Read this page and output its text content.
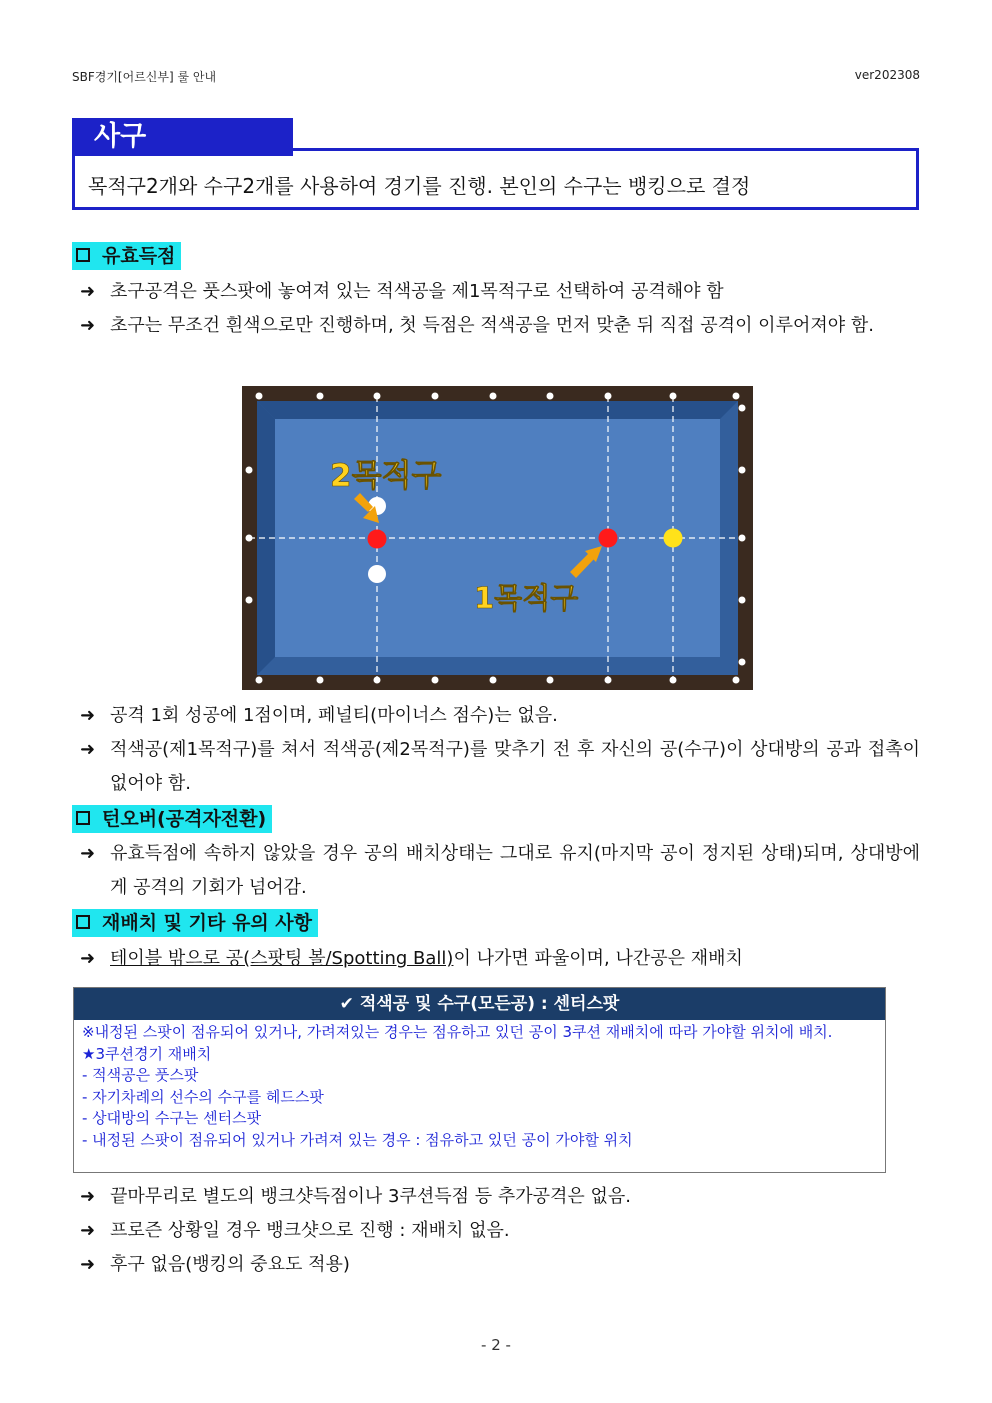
SBF경기[어르신부] 룰 안내	ver202308
사구
목적구2개와 수구2개를 사용하여 경기를 진행. 본인의 수구는 뱅킹으로 결정
유효득점
➜ 초구공격은 풋스팟에 놓여져 있는 적색공을 제1목적구로 선택하여 공격해야 함
➜ 초구는 무조건 흰색으로만 진행하며, 첫 득점은 적색공을 먼저 맞춘 뒤 직접 공격이 이루어져야 함.
2목적구
1목적구
➜ 공격 1회 성공에 1점이며, 페널티(마이너스 점수)는 없음.
➜ 적색공(제1목적구)를 쳐서 적색공(제2목적구)를 맞추기 전 후 자신의 공(수구)이 상대방의 공과 접촉이 없어야 함.
턴오버(공격자전환)
➜ 유효득점에 속하지 않았을 경우 공의 배치상태는 그대로 유지(마지막 공이 정지된 상태)되며, 상대방에게 공격의 기회가 넘어감.
재배치 및 기타 유의 사항
➜ 테이블 밖으로 공(스팟팅 볼/Spotting Ball)이 나가면 파울이며, 나간공은 재배치
✔ 적색공 및 수구(모든공) : 센터스팟
※내정된 스팟이 점유되어 있거나, 가려져있는 경우는 점유하고 있던 공이 3쿠션 재배치에 따라 가야할 위치에 배치.
★3쿠션경기 재배치
- 적색공은 풋스팟
- 자기차례의 선수의 수구를 헤드스팟
- 상대방의 수구는 센터스팟
- 내정된 스팟이 점유되어 있거나 가려져 있는 경우 : 점유하고 있던 공이 가야할 위치
➜ 끝마무리로 별도의 뱅크샷득점이나 3쿠션득점 등 추가공격은 없음.
➜ 프로즌 상황일 경우 뱅크샷으로 진행 : 재배치 없음.
➜ 후구 없음(뱅킹의 중요도 적용)
- 2 -
